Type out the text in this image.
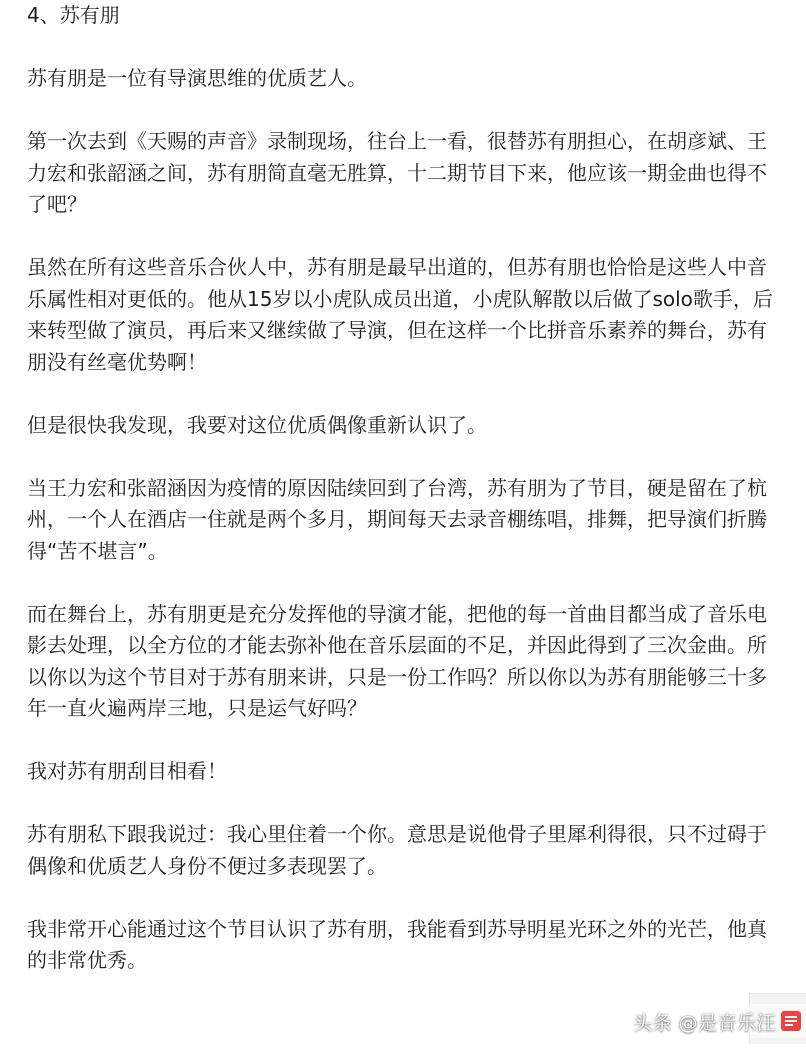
4、苏有朋

苏有朋是一位有导演思维的优质艺人。

第一次去到《天赐的声音》录制现场，往台上一看，很替苏有朋担心，在胡彦斌、王力宏和张韶涵之间，苏有朋简直毫无胜算，十二期节目下来，他应该一期金曲也得不了吧？

虽然在所有这些音乐合伙人中，苏有朋是最早出道的，但苏有朋也恰恰是这些人中音乐属性相对更低的。他从15岁以小虎队成员出道，小虎队解散以后做了solo歌手，后来转型做了演员，再后来又继续做了导演，但在这样一个比拼音乐素养的舞台，苏有朋没有丝毫优势啊！

但是很快我发现，我要对这位优质偶像重新认识了。

当王力宏和张韶涵因为疫情的原因陆续回到了台湾，苏有朋为了节目，硬是留在了杭州，一个人在酒店一住就是两个多月，期间每天去录音棚练唱，排舞，把导演们折腾得“苦不堪言”。

而在舞台上，苏有朋更是充分发挥他的导演才能，把他的每一首曲目都当成了音乐电影去处理，以全方位的才能去弥补他在音乐层面的不足，并因此得到了三次金曲。所以你以为这个节目对于苏有朋来讲，只是一份工作吗？所以你以为苏有朋能够三十多年一直火遍两岸三地，只是运气好吗？

我对苏有朋刮目相看！

苏有朋私下跟我说过：我心里住着一个你。意思是说他骨子里犀利得很，只不过碍于偶像和优质艺人身份不便过多表现罢了。

我非常开心能通过这个节目认识了苏有朋，我能看到苏导明星光环之外的光芒，他真的非常优秀。

头条 @是音乐汪
